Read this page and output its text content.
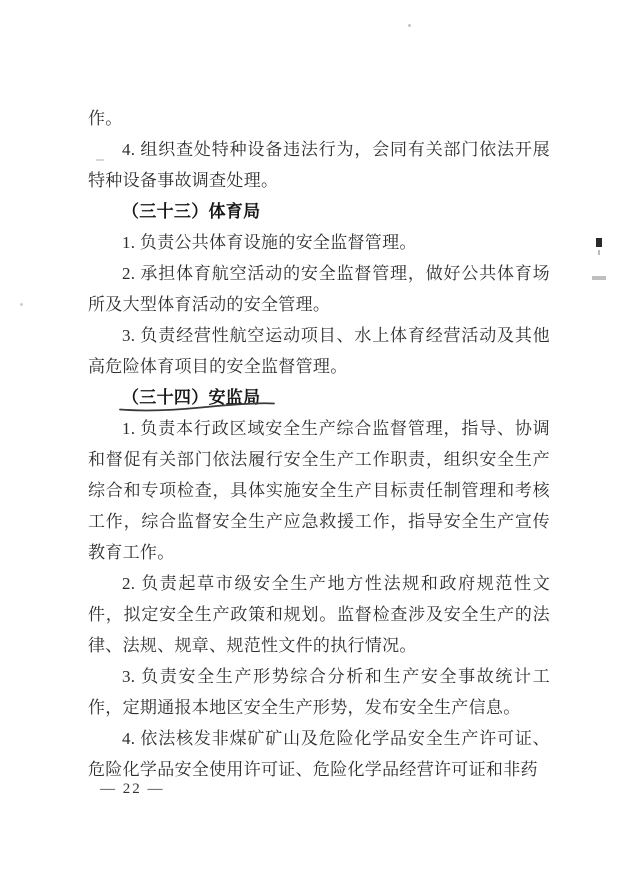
作。

4. 组织查处特种设备违法行为，会同有关部门依法开展特种设备事故调查处理。

（三十三）体育局

1. 负责公共体育设施的安全监督管理。

2. 承担体育航空活动的安全监督管理，做好公共体育场所及大型体育活动的安全管理。

3. 负责经营性航空运动项目、水上体育经营活动及其他高危险体育项目的安全监督管理。

（三十四）安监局

1. 负责本行政区域安全生产综合监督管理，指导、协调和督促有关部门依法履行安全生产工作职责，组织安全生产综合和专项检查，具体实施安全生产目标责任制管理和考核工作，综合监督安全生产应急救援工作，指导安全生产宣传教育工作。

2. 负责起草市级安全生产地方性法规和政府规范性文件，拟定安全生产政策和规划。监督检查涉及安全生产的法律、法规、规章、规范性文件的执行情况。

3. 负责安全生产形势综合分析和生产安全事故统计工作，定期通报本地区安全生产形势，发布安全生产信息。

4. 依法核发非煤矿矿山及危险化学品安全生产许可证、危险化学品安全使用许可证、危险化学品经营许可证和非药

— 22 —
